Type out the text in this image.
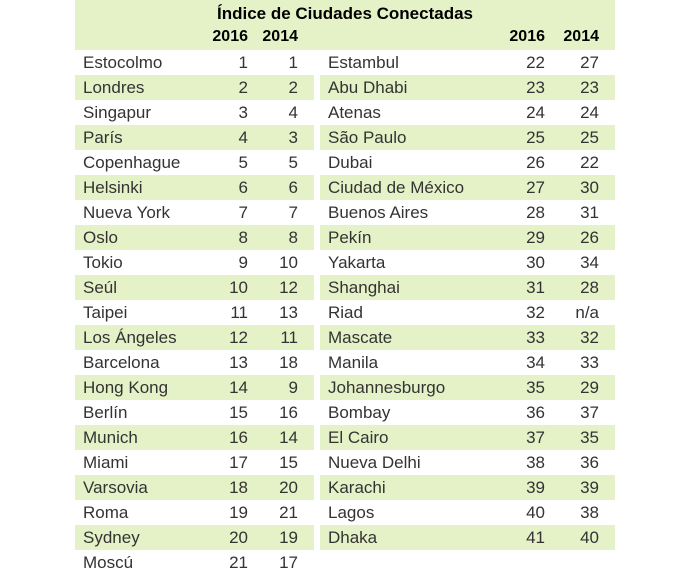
Índice de Ciudades Conectadas
2016 2014	2016	2014
Estocolmo	1	1
Londres	2	2
Singapur	3	4
París	4	3
Copenhague	5	5
Helsinki	6	6
Nueva York	7	7
Oslo	8	8
Tokio	9	10
Seúl	10	12
Taipei	11	13
Los Ángeles	12	11
Barcelona	13	18
Hong Kong	14	9
Berlín	15	16
Munich	16	14
Miami	17	15
Varsovia	18	20
Roma	19	21
Sydney	20	19
Moscú	21	17
Estambul	22	27
Abu Dhabi	23	23
Atenas	24	24
São Paulo	25	25
Dubai	26	22
Ciudad de México	27	30
Buenos Aires	28	31
Pekín	29	26
Yakarta	30	34
Shanghai	31	28
Riad	32	n/a
Mascate	33	32
Manila	34	33
Johannesburgo	35	29
Bombay	36	37
El Cairo	37	35
Nueva Delhi	38	36
Karachi	39	39
Lagos	40	38
Dhaka	41	40
